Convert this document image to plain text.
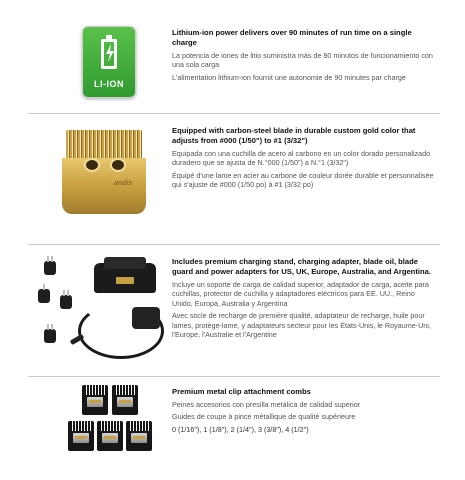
LI-ION
Lithium-ion power delivers over 90 minutes of run time on a single charge
La potencia de iones de litio suministra más de 90 minutos de funcionamiento con una sola carga
L'alimentation lithium-ion fournit une autonomie de 90 minutes par charge
andis
Equipped with carbon-steel blade in durable custom gold color that adjusts from #000 (1/50") to #1 (3/32")
Equipada con una cuchilla de acero al carbono en un color dorado personalizado duradero que se ajusta de N.°000 (1/50") a N.°1 (3/32")
Équipé d'une lame en acier au carbone de couleur dorée durable et personnalisée qui s'ajuste de #000 (1/50 po) à #1 (3/32 po)
Includes premium charging stand, charging adapter, blade oil, blade guard and power adapters for US, UK, Europe, Australia, and Argentina.
Incluye un soporte de carga de calidad superior, adaptador de carga, aceite para cuchillas, protector de cuchilla y adaptadores eléctricos para EE. UU., Reino Unido, Europa, Australia y Argentina
Avec socle de recharge de première qualité, adaptateur de recharge, huile pour lames, protège-lame, y adaptateurs secteur pour les États-Unis, le Royaume-Uni, l'Europe, l'Australie et l'Argentine
Premium metal clip attachment combs
Peines accesorios con presilla metálica de calidad superior
Guides de coupe à pince métallique de qualité supérieure
0 (1/16"), 1 (1/8"), 2 (1/4"), 3 (3/8"), 4 (1/2")
